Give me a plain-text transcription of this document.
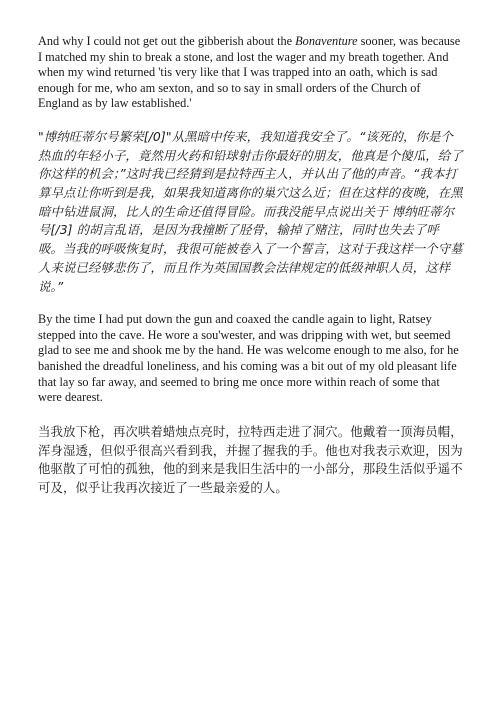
And why I could not get out the gibberish about the Bonaventure sooner, was because I matched my shin to break a stone, and lost the wager and my breath together. And when my wind returned 'tis very like that I was trapped into an oath, which is sad enough for me, who am sexton, and so to say in small orders of the Church of England as by law established.'

"博纳旺蒂尔号繁荣[/0]"从黑暗中传来，我知道我安全了。“该死的，你是个热血的年轻小子，竟然用火药和铅球射击你最好的朋友，他真是个傻瓜，给了你这样的机会；”这时我已经猜到是拉特西主人，并认出了他的声音。“我本打算早点让你听到是我，如果我知道离你的巢穴这么近；但在这样的夜晚，在黑暗中钻进鼠洞，比人的生命还值得冒险。而我没能早点说出关于 博纳旺蒂尔号[/3] 的胡言乱语，是因为我撞断了胫骨，输掉了赌注，同时也失去了呼吸。当我的呼吸恢复时，我很可能被卷入了一个誓言，这对于我这样一个守墓人来说已经够悲伤了，而且作为英国国教会法律规定的低级神职人员，这样说。”

By the time I had put down the gun and coaxed the candle again to light, Ratsey stepped into the cave. He wore a sou'wester, and was dripping with wet, but seemed glad to see me and shook me by the hand. He was welcome enough to me also, for he banished the dreadful loneliness, and his coming was a bit out of my old pleasant life that lay so far away, and seemed to bring me once more within reach of some that were dearest.

当我放下枪，再次哄着蜡烛点亮时，拉特西走进了洞穴。他戴着一顶海员帽，浑身湿透，但似乎很高兴看到我，并握了握我的手。他也对我表示欢迎，因为他驱散了可怕的孤独，他的到来是我旧生活中的一小部分，那段生活似乎遥不可及，似乎让我再次接近了一些最亲爱的人。
